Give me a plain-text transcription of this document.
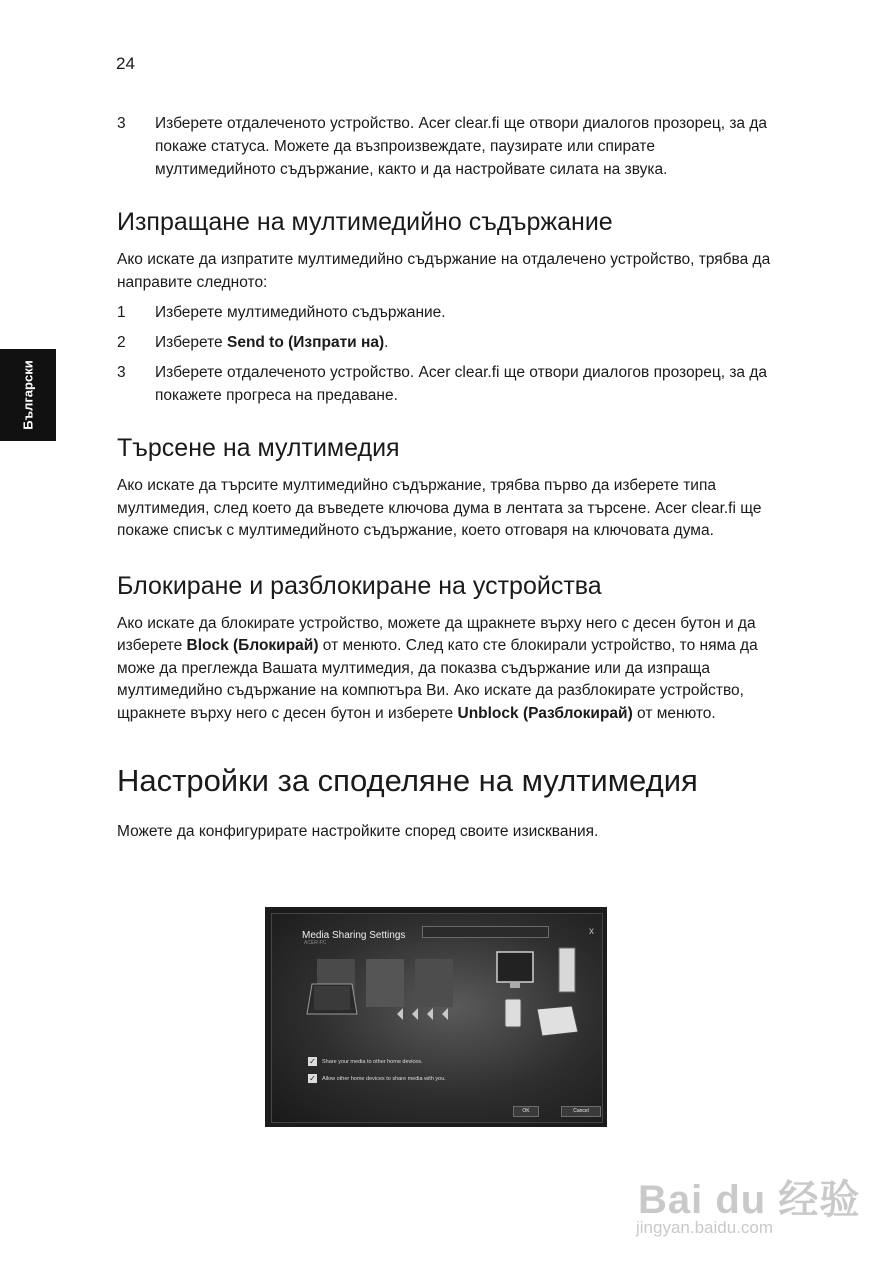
24
Български
3	Изберете отдалеченото устройство. Acer clear.fi ще отвори диалогов прозорец, за да покаже статуса. Можете да възпроизвеждате, паузирате или спирате мултимедийното съдържание, както и да настройвате силата на звука.
Изпращане на мултимедийно съдържание

Ако искате да изпратите мултимедийно съдържание на отдалечено устройство, трябва да направите следното:

1	Изберете мултимедийното съдържание.
2	Изберете Send to (Изпрати на).
3	Изберете отдалеченото устройство. Acer clear.fi ще отвори диалогов прозорец, за да покажете прогреса на предаване.
Търсене на мултимедия

Ако искате да търсите мултимедийно съдържание, трябва първо да изберете типа мултимедия, след което да въведете ключова дума в лентата за търсене. Acer clear.fi ще покаже списък с мултимедийното съдържание, което отговаря на ключовата дума.

Блокиране и разблокиране на устройства

Ако искате да блокирате устройство, можете да щракнете върху него с десен бутон и да изберете Block (Блокирай) от менюто. След като сте блокирали устройство, то няма да може да преглежда Вашата мултимедия, да показва съдържание или да изпраща мултимедийно съдържание на компютъра Ви. Ако искате да разблокирате устройство, щракнете върху него с десен бутон и изберете Unblock (Разблокирай) от менюто.

Настройки за споделяне на мултимедия

Можете да конфигурирате настройките според своите изисквания.

Media Sharing Settings
ACER-PC
x
✓ Share your media to other home devices.
✓ Allow other home devices to share media with you.
OK	Cancel
Bai du 经验
jingyan.baidu.com
